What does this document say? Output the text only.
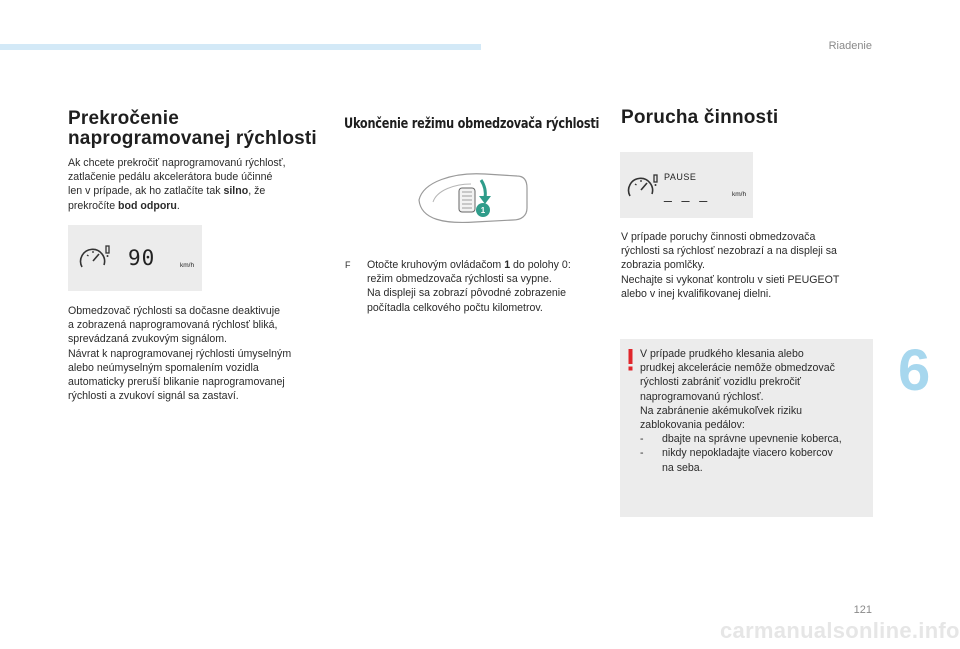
Riadenie
Prekročenie naprogramovanej rýchlosti

Ak chcete prekročiť naprogramovanú rýchlosť,

zatlačenie pedálu akcelerátora bude účinné

len v prípade, ak ho zatlačíte tak silno, že

prekročíte bod odporu.

90	km/h

Obmedzovač rýchlosti sa dočasne deaktivuje

a zobrazená naprogramovaná rýchlosť bliká,

sprevádzaná zvukovým signálom.

Návrat k naprogramovanej rýchlosti úmyselným

alebo neúmyselným spomalením vozidla

automaticky preruší blikanie naprogramovanej

rýchlosti a zvukoví signál sa zastaví.

Ukončenie režimu obmedzovača rýchlosti
1
F Otočte kruhovým ovládačom 1 do polohy 0:

režim obmedzovača rýchlosti sa vypne.

Na displeji sa zobrazí pôvodné zobrazenie

počítadla celkového počtu kilometrov.

Porucha činnosti
PAUSE
_ _ _	km/h

V prípade poruchy činnosti obmedzovača

rýchlosti sa rýchlosť nezobrazí a na displeji sa

zobrazia pomlčky.

Nechajte si vykonať kontrolu v sieti PEUGEOT

alebo v inej kvalifikovanej dielni.

V prípade prudkého klesania alebo

prudkej akcelerácie nemôže obmedzovač

rýchlosti zabrániť vozidlu prekročiť

naprogramovanú rýchlosť.

Na zabránenie akémukoľvek riziku

zablokovania pedálov:

- dbajte na správne upevnenie koberca,
- nikdy nepokladajte viacero kobercov
na seba.
6
121
carmanualsonline.info
